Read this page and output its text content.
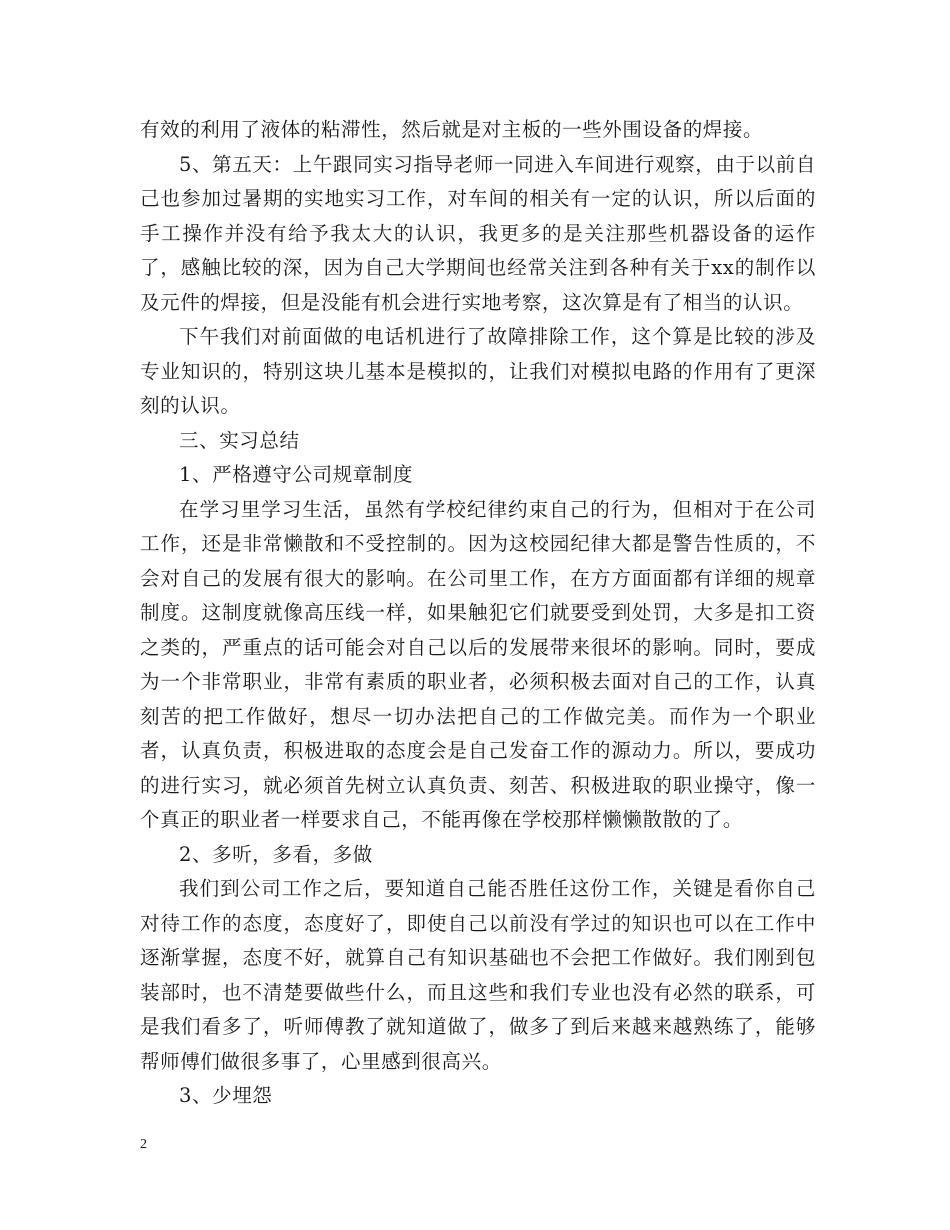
有效的利用了液体的粘滞性，然后就是对主板的一些外围设备的焊接。

5、第五天：上午跟同实习指导老师一同进入车间进行观察，由于以前自己也参加过暑期的实地实习工作，对车间的相关有一定的认识，所以后面的手工操作并没有给予我太大的认识，我更多的是关注那些机器设备的运作了，感触比较的深，因为自己大学期间也经常关注到各种有关于xx的制作以及元件的焊接，但是没能有机会进行实地考察，这次算是有了相当的认识。

下午我们对前面做的电话机进行了故障排除工作，这个算是比较的涉及专业知识的，特别这块儿基本是模拟的，让我们对模拟电路的作用有了更深刻的认识。

三、实习总结

1、严格遵守公司规章制度

在学习里学习生活，虽然有学校纪律约束自己的行为，但相对于在公司工作，还是非常懒散和不受控制的。因为这校园纪律大都是警告性质的，不会对自己的发展有很大的影响。在公司里工作，在方方面面都有详细的规章制度。这制度就像高压线一样，如果触犯它们就要受到处罚，大多是扣工资之类的，严重点的话可能会对自己以后的发展带来很坏的影响。同时，要成为一个非常职业，非常有素质的职业者，必须积极去面对自己的工作，认真刻苦的把工作做好，想尽一切办法把自己的工作做完美。而作为一个职业者，认真负责，积极进取的态度会是自己发奋工作的源动力。所以，要成功的进行实习，就必须首先树立认真负责、刻苦、积极进取的职业操守，像一个真正的职业者一样要求自己，不能再像在学校那样懒懒散散的了。

2、多听，多看，多做

我们到公司工作之后，要知道自己能否胜任这份工作，关键是看你自己对待工作的态度，态度好了，即使自己以前没有学过的知识也可以在工作中逐渐掌握，态度不好，就算自己有知识基础也不会把工作做好。我们刚到包装部时，也不清楚要做些什么，而且这些和我们专业也没有必然的联系，可是我们看多了，听师傅教了就知道做了，做多了到后来越来越熟练了，能够帮师傅们做很多事了，心里感到很高兴。

3、少埋怨

2
